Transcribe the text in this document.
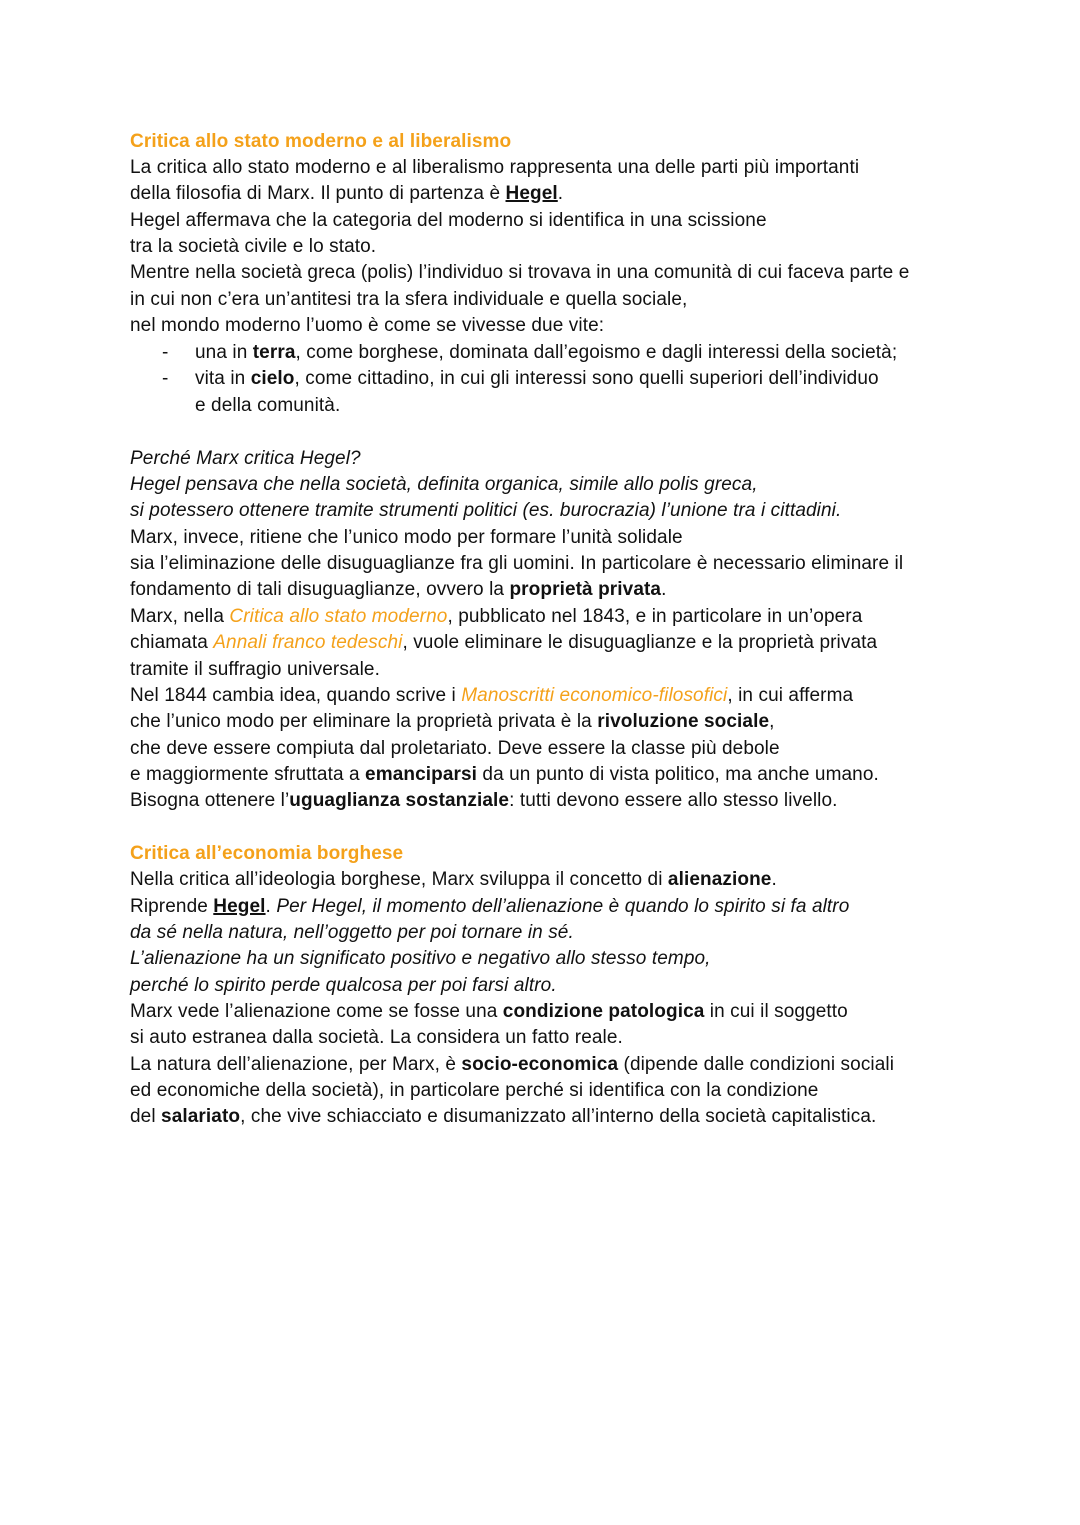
Critica allo stato moderno e al liberalismo
La critica allo stato moderno e al liberalismo rappresenta una delle parti più importanti
della filosofia di Marx. Il punto di partenza è Hegel.
Hegel affermava che la categoria del moderno si identifica in una scissione
tra la società civile e lo stato.
Mentre nella società greca (polis) l’individuo si trovava in una comunità di cui faceva parte e
in cui non c’era un’antitesi tra la sfera individuale e quella sociale,
nel mondo moderno l’uomo è come se vivesse due vite:
- una in terra, come borghese, dominata dall’egoismo e dagli interessi della società;
- vita in cielo, come cittadino, in cui gli interessi sono quelli superiori dell’individuo
e della comunità.
Perché Marx critica Hegel?
Hegel pensava che nella società, definita organica, simile allo polis greca,
si potessero ottenere tramite strumenti politici (es. burocrazia) l’unione tra i cittadini.
Marx, invece, ritiene che l’unico modo per formare l’unità solidale
sia l’eliminazione delle disuguaglianze fra gli uomini. In particolare è necessario eliminare il
fondamento di tali disuguaglianze, ovvero la proprietà privata.
Marx, nella Critica allo stato moderno, pubblicato nel 1843, e in particolare in un’opera
chiamata Annali franco tedeschi, vuole eliminare le disuguaglianze e la proprietà privata
tramite il suffragio universale.
Nel 1844 cambia idea, quando scrive i Manoscritti economico-filosofici, in cui afferma
che l’unico modo per eliminare la proprietà privata è la rivoluzione sociale,
che deve essere compiuta dal proletariato. Deve essere la classe più debole
e maggiormente sfruttata a emanciparsi da un punto di vista politico, ma anche umano.
Bisogna ottenere l’uguaglianza sostanziale: tutti devono essere allo stesso livello.
Critica all’economia borghese
Nella critica all’ideologia borghese, Marx sviluppa il concetto di alienazione.
Riprende Hegel. Per Hegel, il momento dell’alienazione è quando lo spirito si fa altro
da sé nella natura, nell’oggetto per poi tornare in sé.
L’alienazione ha un significato positivo e negativo allo stesso tempo,
perché lo spirito perde qualcosa per poi farsi altro.
Marx vede l’alienazione come se fosse una condizione patologica in cui il soggetto
si auto estranea dalla società. La considera un fatto reale.
La natura dell’alienazione, per Marx, è socio-economica (dipende dalle condizioni sociali
ed economiche della società), in particolare perché si identifica con la condizione
del salariato, che vive schiacciato e disumanizzato all’interno della società capitalistica.
